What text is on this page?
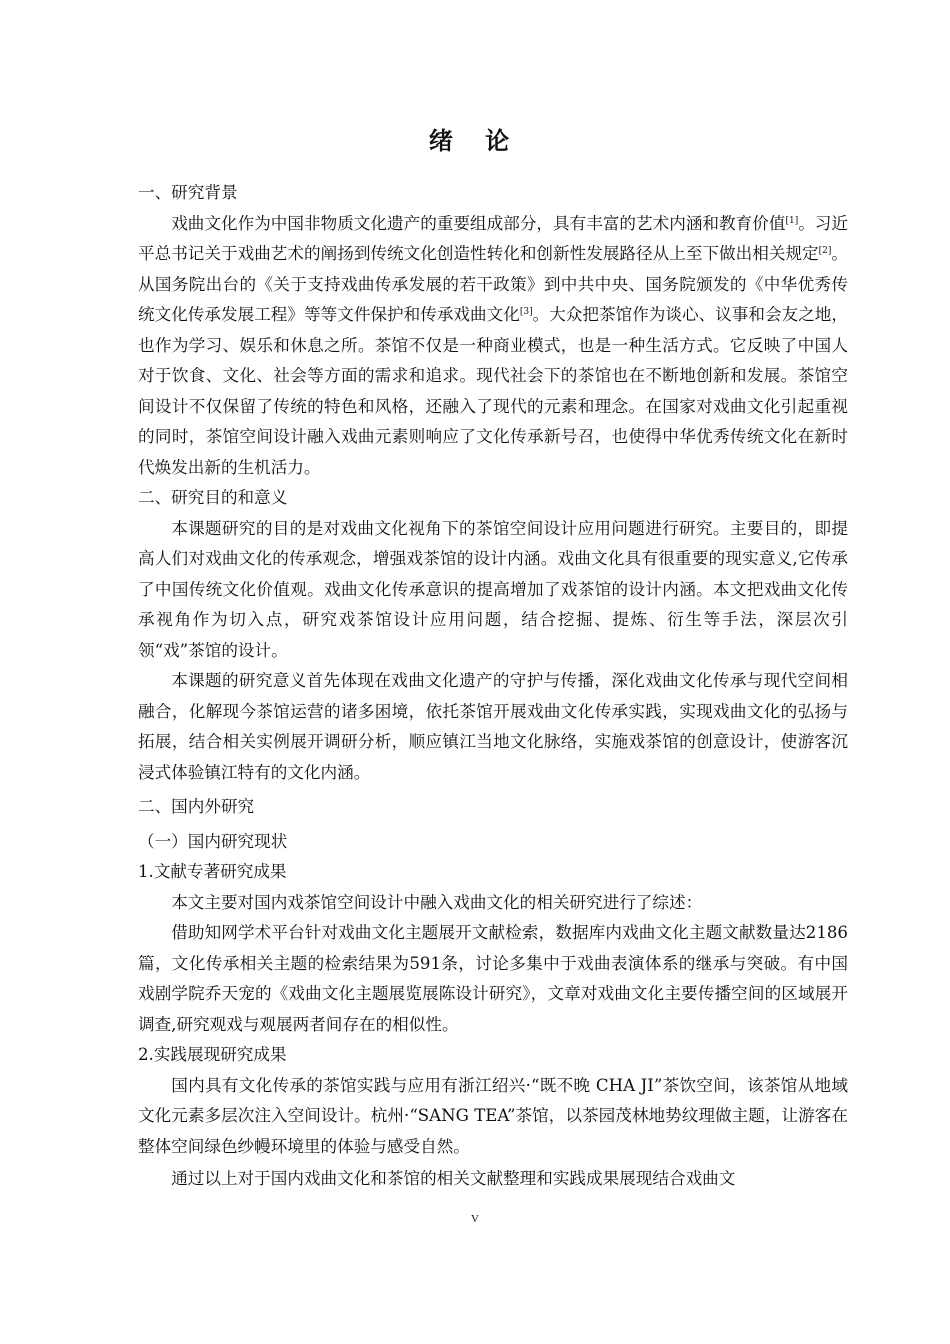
绪 论

一、研究背景

戏曲文化作为中国非物质文化遗产的重要组成部分，具有丰富的艺术内涵和教育价值[1]。习近平总书记关于戏曲艺术的阐扬到传统文化创造性转化和创新性发展路径从上至下做出相关规定[2]。从国务院出台的《关于支持戏曲传承发展的若干政策》到中共中央、国务院颁发的《中华优秀传统文化传承发展工程》等等文件保护和传承戏曲文化[3]。大众把茶馆作为谈心、议事和会友之地，也作为学习、娱乐和休息之所。茶馆不仅是一种商业模式，也是一种生活方式。它反映了中国人对于饮食、文化、社会等方面的需求和追求。现代社会下的茶馆也在不断地创新和发展。茶馆空间设计不仅保留了传统的特色和风格，还融入了现代的元素和理念。在国家对戏曲文化引起重视的同时，茶馆空间设计融入戏曲元素则响应了文化传承新号召，也使得中华优秀传统文化在新时代焕发出新的生机活力。

二、研究目的和意义

本课题研究的目的是对戏曲文化视角下的茶馆空间设计应用问题进行研究。主要目的，即提高人们对戏曲文化的传承观念，增强戏茶馆的设计内涵。戏曲文化具有很重要的现实意义,它传承了中国传统文化价值观。戏曲文化传承意识的提高增加了戏茶馆的设计内涵。本文把戏曲文化传承视角作为切入点，研究戏茶馆设计应用问题，结合挖掘、提炼、衍生等手法，深层次引领“戏”茶馆的设计。

本课题的研究意义首先体现在戏曲文化遗产的守护与传播，深化戏曲文化传承与现代空间相融合，化解现今茶馆运营的诸多困境，依托茶馆开展戏曲文化传承实践，实现戏曲文化的弘扬与拓展，结合相关实例展开调研分析，顺应镇江当地文化脉络，实施戏茶馆的创意设计，使游客沉浸式体验镇江特有的文化内涵。

二、国内外研究

（一）国内研究现状

1.文献专著研究成果

本文主要对国内戏茶馆空间设计中融入戏曲文化的相关研究进行了综述：

借助知网学术平台针对戏曲文化主题展开文献检索，数据库内戏曲文化主题文献数量达2186篇，文化传承相关主题的检索结果为591条，讨论多集中于戏曲表演体系的继承与突破。有中国戏剧学院乔天宠的《戏曲文化主题展览展陈设计研究》，文章对戏曲文化主要传播空间的区域展开调查,研究观戏与观展两者间存在的相似性。

2.实践展现研究成果

国内具有文化传承的茶馆实践与应用有浙江绍兴·“既不晚 CHA JI”茶饮空间，该茶馆从地域文化元素多层次注入空间设计。杭州·“SANG TEA”茶馆，以茶园茂林地势纹理做主题，让游客在整体空间绿色纱幔环境里的体验与感受自然。

通过以上对于国内戏曲文化和茶馆的相关文献整理和实践成果展现结合戏曲文

V
